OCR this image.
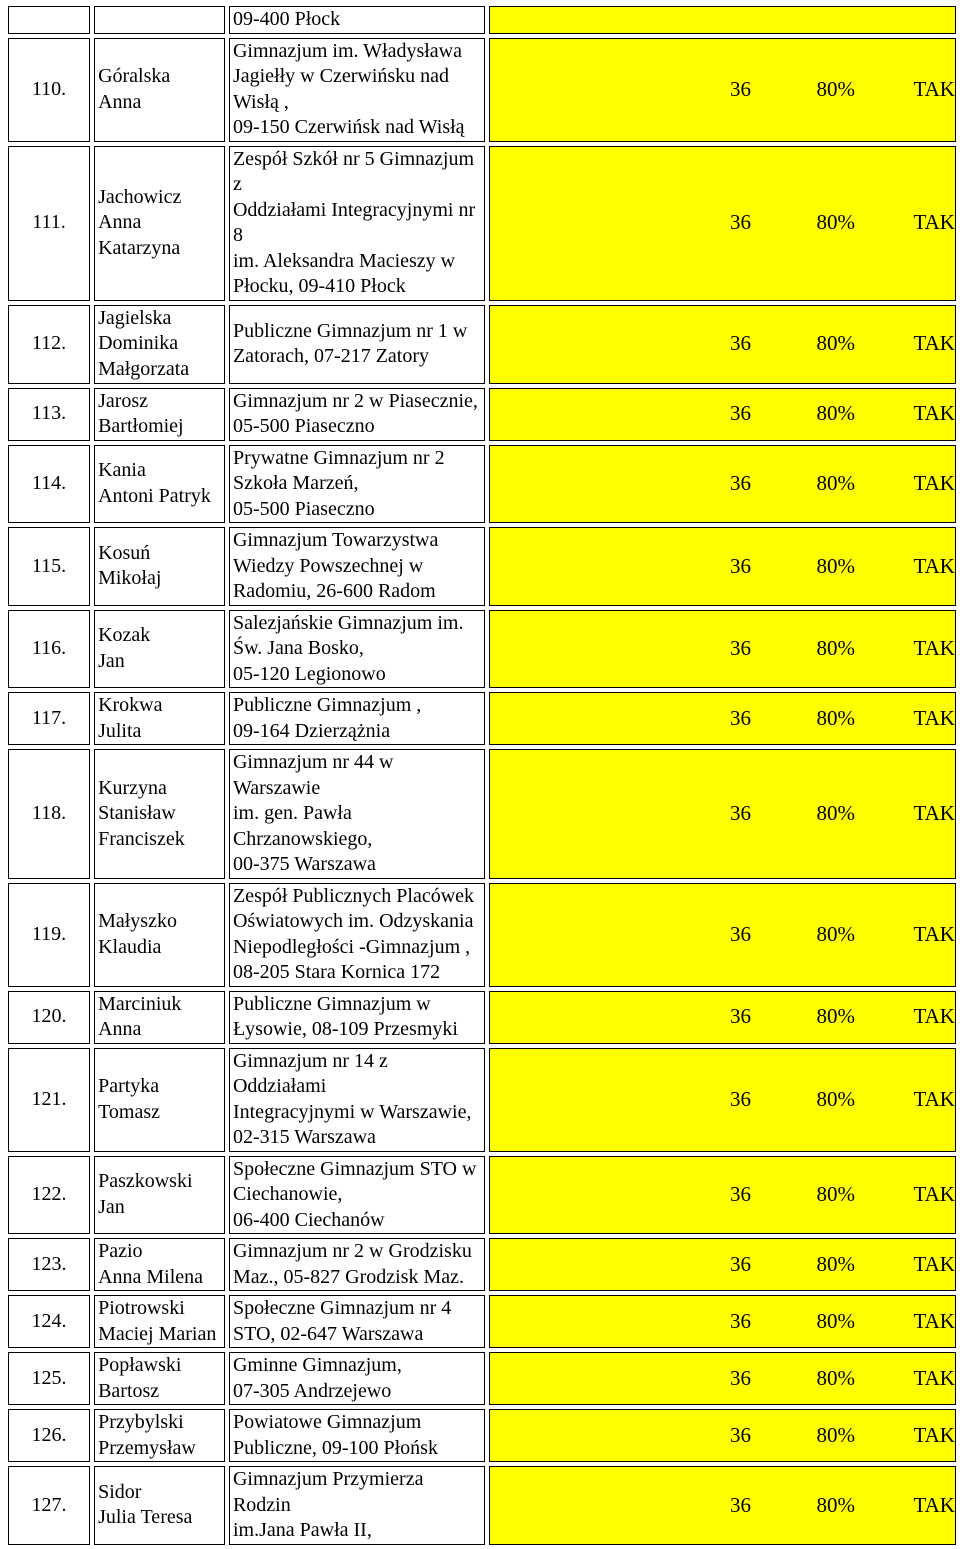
		09-400 Płock	
110.	Góralska
Anna	Gimnazjum im. Władysława
Jagiełły w Czerwińsku nad
Wisłą ,
09-150 Czerwińsk nad Wisłą	36 80% TAK

111.	Jachowicz
Anna
Katarzyna	Zespół Szkół nr 5 Gimnazjum z
Oddziałami Integracyjnymi nr 8
im. Aleksandra Macieszy w
Płocku, 09-410 Płock	36 80% TAK

112.	Jagielska
Dominika
Małgorzata	Publiczne Gimnazjum nr 1 w
Zatorach, 07-217 Zatory	36 80% TAK

113.	Jarosz
Bartłomiej	Gimnazjum nr 2 w Piasecznie,
05-500 Piaseczno	36 80% TAK

114.	Kania
Antoni Patryk	Prywatne Gimnazjum nr 2
Szkoła Marzeń,
05-500 Piaseczno	36 80% TAK

115.	Kosuń
Mikołaj	Gimnazjum Towarzystwa
Wiedzy Powszechnej w
Radomiu, 26-600 Radom	36 80% TAK

116.	Kozak
Jan	Salezjańskie Gimnazjum im.
Św. Jana Bosko,
05-120 Legionowo	36 80% TAK

117.	Krokwa
Julita	Publiczne Gimnazjum ,
09-164 Dzierzążnia	36 80% TAK

118.	Kurzyna
Stanisław
Franciszek	Gimnazjum nr 44 w Warszawie
im. gen. Pawła Chrzanowskiego,
00-375 Warszawa	36 80% TAK

119.	Małyszko
Klaudia	Zespół Publicznych Placówek
Oświatowych im. Odzyskania
Niepodległości -Gimnazjum ,
08-205 Stara Kornica 172	36 80% TAK

120.	Marciniuk
Anna	Publiczne Gimnazjum w
Łysowie, 08-109 Przesmyki	36 80% TAK

121.	Partyka
Tomasz	Gimnazjum nr 14 z Oddziałami
Integracyjnymi w Warszawie,
02-315 Warszawa	36 80% TAK

122.	Paszkowski
Jan	Społeczne Gimnazjum STO w
Ciechanowie,
06-400 Ciechanów	36 80% TAK

123.	Pazio
Anna Milena	Gimnazjum nr 2 w Grodzisku
Maz., 05-827 Grodzisk Maz.	36 80% TAK

124.	Piotrowski
Maciej Marian	Społeczne Gimnazjum nr 4
STO, 02-647 Warszawa	36 80% TAK

125.	Popławski
Bartosz	Gminne Gimnazjum,
07-305 Andrzejewo	36 80% TAK

126.	Przybylski
Przemysław	Powiatowe Gimnazjum
Publiczne, 09-100 Płońsk	36 80% TAK

127.	Sidor
Julia Teresa	Gimnazjum Przymierza Rodzin
im.Jana Pawła II,	36 80% TAK
